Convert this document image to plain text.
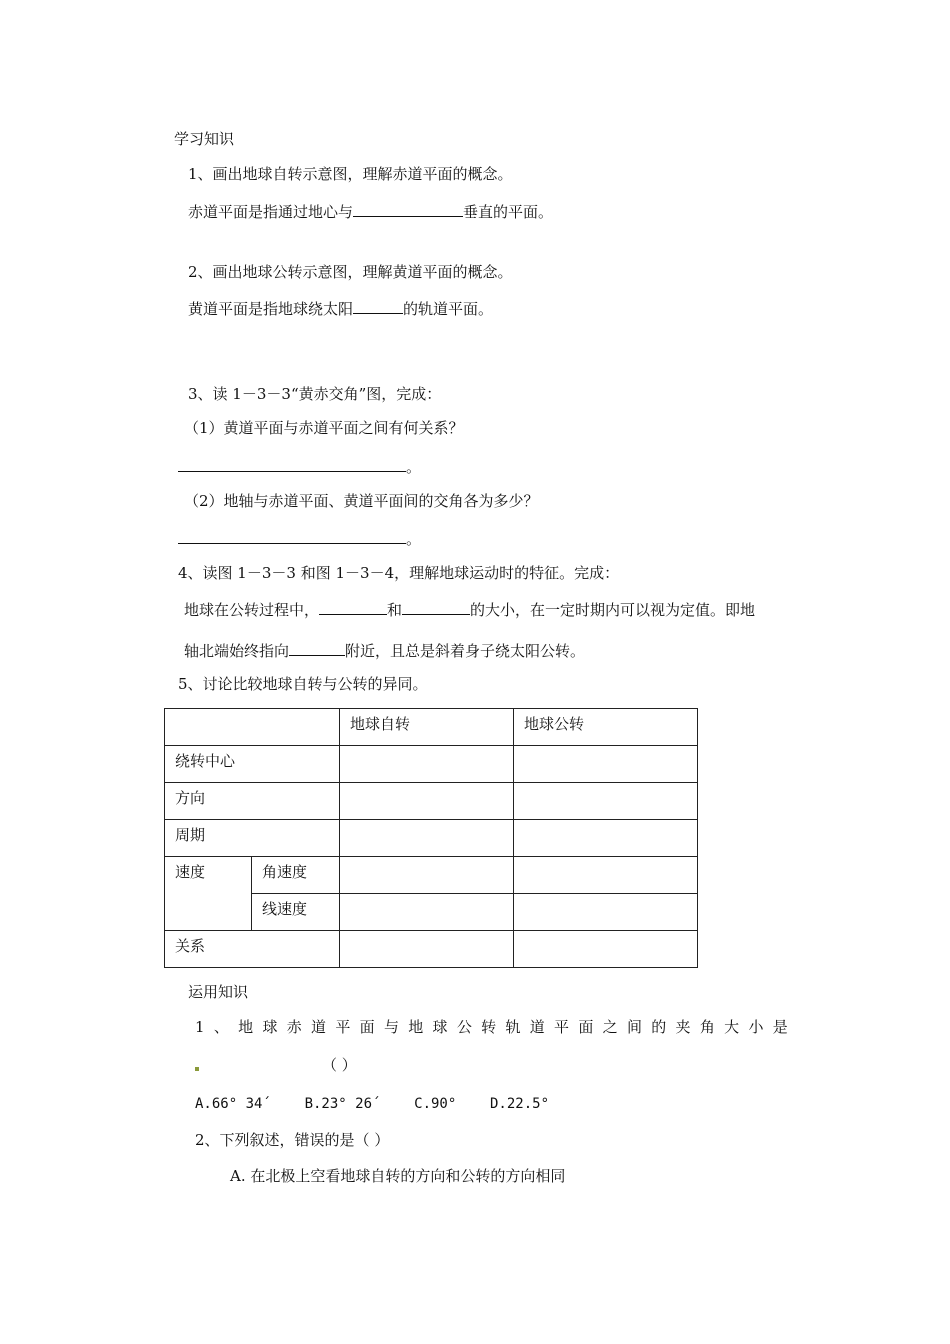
学习知识
1、画出地球自转示意图，理解赤道平面的概念。
赤道平面是指通过地心与	垂直的平面。
2、画出地球公转示意图，理解黄道平面的概念。
黄道平面是指地球绕太阳	的轨道平面。
3、读 1－3－3“黄赤交角”图，完成：
（1）黄道平面与赤道平面之间有何关系？
。
（2）地轴与赤道平面、黄道平面间的交角各为多少？
。
4、读图 1－3－3 和图 1－3－4，理解地球运动时的特征。完成：
地球在公转过程中，	和	的大小，在一定时期内可以视为定值。即地
轴北端始终指向	附近，且总是斜着身子绕太阳公转。
5、讨论比较地球自转与公转的异同。
		地球自转	地球公转
绕转中心			
方向			
周期			
速度	角速度		
	线速度		
关系			
运用知识
1、地球赤道平面与地球公转轨道平面之间的夹角大小是
（ ）
A.66° 34´    B.23° 26´    C.90°    D.22.5°
2、下列叙述，错误的是（ ）
A. 在北极上空看地球自转的方向和公转的方向相同
